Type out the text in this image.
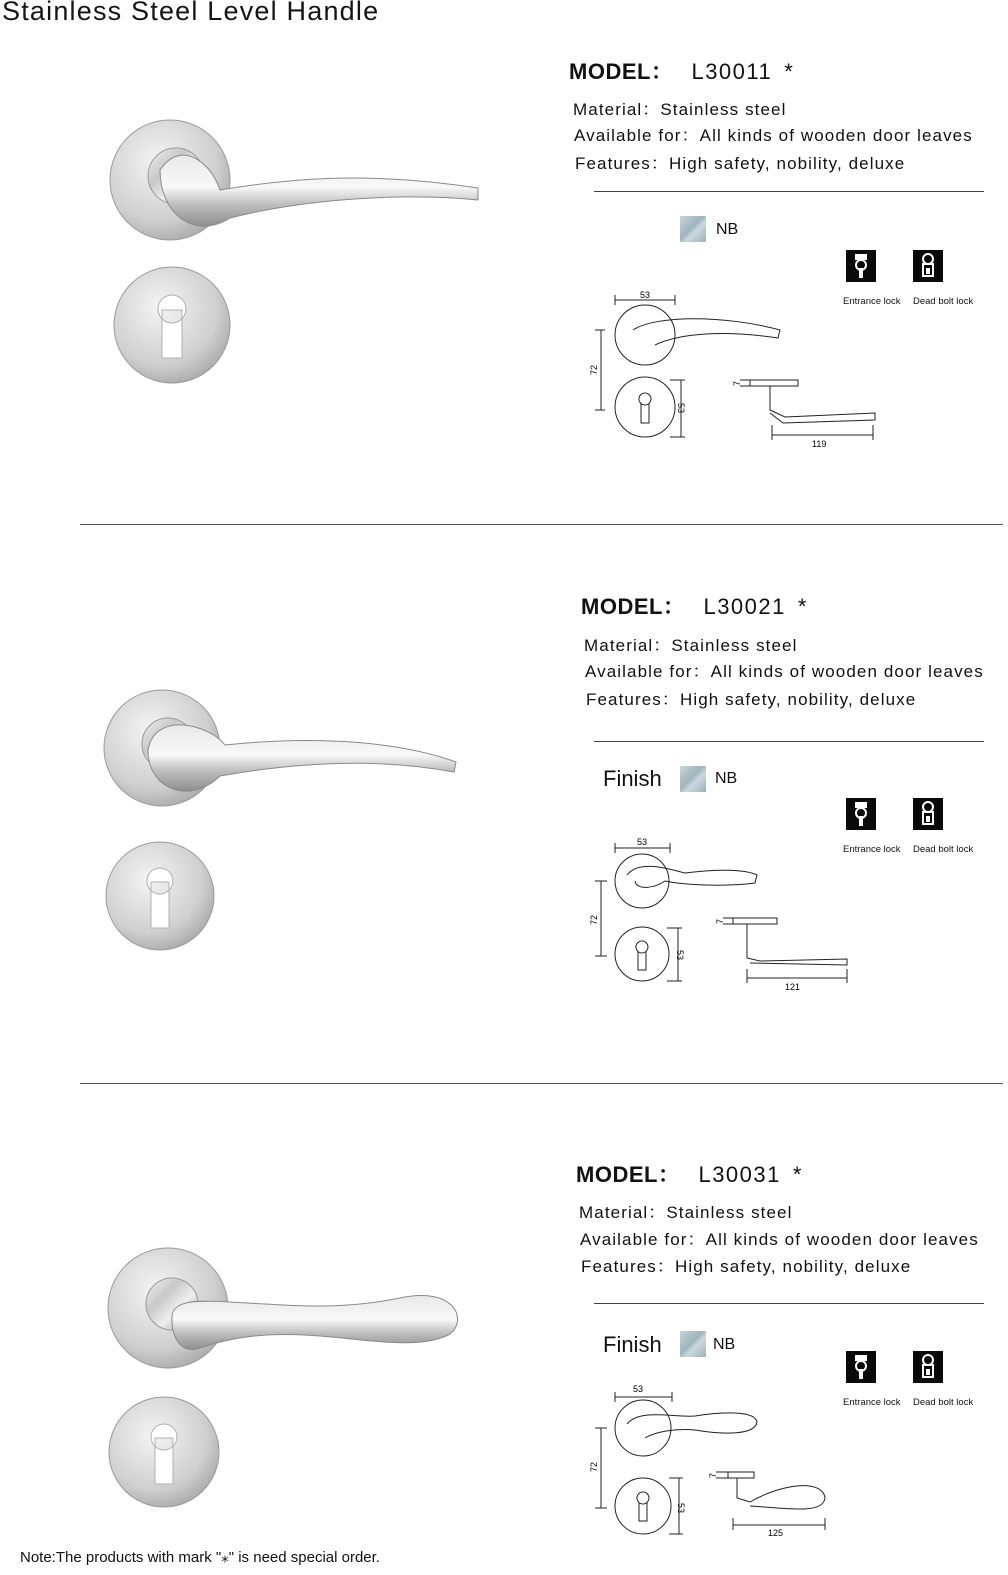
Stainless Steel Level Handle
MODEL： L30011 *
Material：Stainless steel
Available for：All kinds of wooden door leaves
Features：High safety, nobility, deluxe
NB
Entrance lock Dead bolt lock
53
72
53
7
119
MODEL： L30021 *
Material：Stainless steel
Available for：All kinds of wooden door leaves
Features：High safety, nobility, deluxe
Finish	NB
Entrance lock Dead bolt lock
53
72
53
7
121
MODEL： L30031 *
Material：Stainless steel
Available for：All kinds of wooden door leaves
Features：High safety, nobility, deluxe
Finish	NB
Entrance lock Dead bolt lock
53
72
53
7
125
Note:The products with mark "⁎" is need special order.
